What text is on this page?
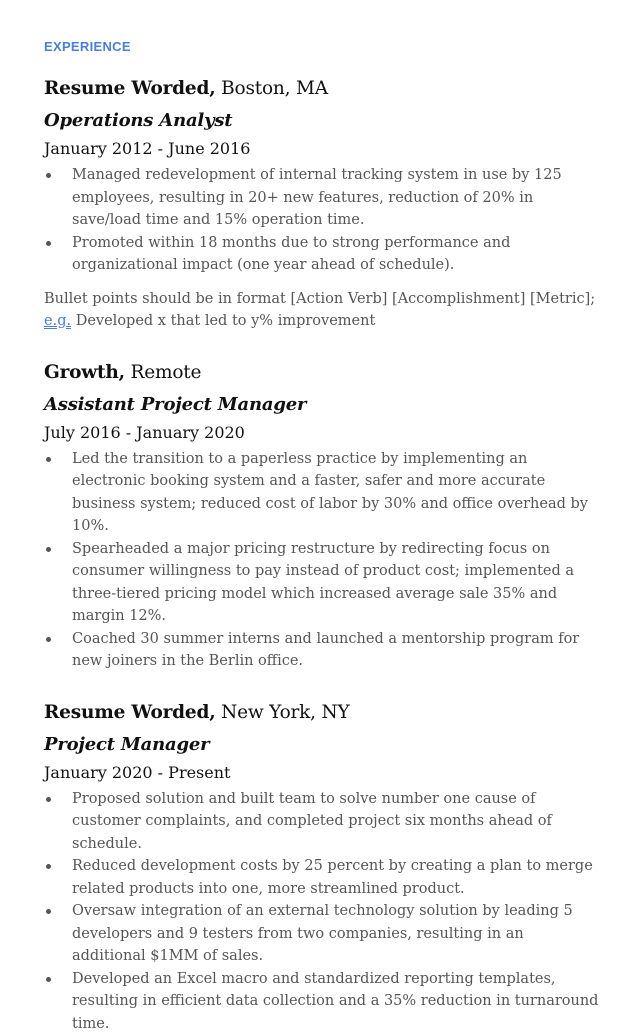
EXPERIENCE
Resume Worded, Boston, MA
Operations Analyst
January 2012 - June 2016
Managed redevelopment of internal tracking system in use by 125 employees, resulting in 20+ new features, reduction of 20% in save/load time and 15% operation time.
Promoted within 18 months due to strong performance and organizational impact (one year ahead of schedule).
Bullet points should be in format [Action Verb] [Accomplishment] [Metric]; e.g. Developed x that led to y% improvement
Growth, Remote
Assistant Project Manager
July 2016 - January 2020
Led the transition to a paperless practice by implementing an electronic booking system and a faster, safer and more accurate business system; reduced cost of labor by 30% and office overhead by 10%.
Spearheaded a major pricing restructure by redirecting focus on consumer willingness to pay instead of product cost; implemented a three-tiered pricing model which increased average sale 35% and margin 12%.
Coached 30 summer interns and launched a mentorship program for new joiners in the Berlin office.
Resume Worded, New York, NY
Project Manager
January 2020 - Present
Proposed solution and built team to solve number one cause of customer complaints, and completed project six months ahead of schedule.
Reduced development costs by 25 percent by creating a plan to merge related products into one, more streamlined product.
Oversaw integration of an external technology solution by leading 5 developers and 9 testers from two companies, resulting in an additional $1MM of sales.
Developed an Excel macro and standardized reporting templates, resulting in efficient data collection and a 35% reduction in turnaround time.
